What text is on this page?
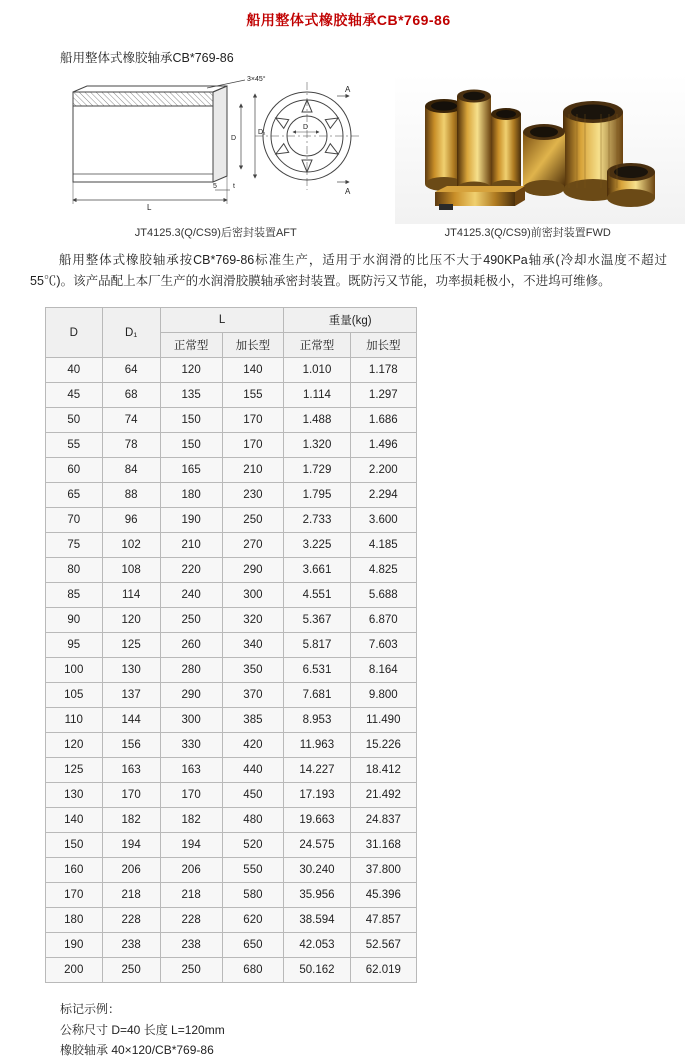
船用整体式橡胶轴承CB*769-86
船用整体式橡胶轴承CB*769-86
3×45°
D₁
D
L
5 t
D
A
A
JT4125.3(Q/CS9)后密封装置AFT	JT4125.3(Q/CS9)前密封装置FWD
船用整体式橡胶轴承按CB*769-86标准生产，适用于水润滑的比压不大于490KPa轴承(冷却水温度不超过 55℃)。该产品配上本厂生产的水润滑胶膜轴承密封装置。既防污又节能，功率损耗极小，不进坞可维修。
D	D₁	L		重量(kg)	
		正常型	加长型	正常型	加长型
40	64	120	140	1.010	1.178
45	68	135	155	1.114	1.297
50	74	150	170	1.488	1.686
55	78	150	170	1.320	1.496
60	84	165	210	1.729	2.200
65	88	180	230	1.795	2.294
70	96	190	250	2.733	3.600
75	102	210	270	3.225	4.185
80	108	220	290	3.661	4.825
85	114	240	300	4.551	5.688
90	120	250	320	5.367	6.870
95	125	260	340	5.817	7.603
100	130	280	350	6.531	8.164
105	137	290	370	7.681	9.800
110	144	300	385	8.953	11.490
120	156	330	420	11.963	15.226
125	163	163	440	14.227	18.412
130	170	170	450	17.193	21.492
140	182	182	480	19.663	24.837
150	194	194	520	24.575	31.168
160	206	206	550	30.240	37.800
170	218	218	580	35.956	45.396
180	228	228	620	38.594	47.857
190	238	238	650	42.053	52.567
200	250	250	680	50.162	62.019
标记示例：
公称尺寸 D=40 长度 L=120mm
橡胶轴承 40×120/CB*769-86
